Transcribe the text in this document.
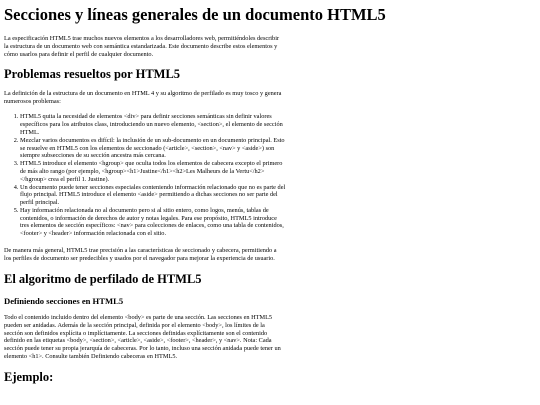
Secciones y líneas generales de un documento HTML5

La especificación HTML5 trae muchos nuevos elementos a los desarrolladores web, permitiéndoles describir la estructura de un documento web con semántica estandarizada. Este documento describe estos elementos y cómo usarlos para definir el perfil de cualquier documento.

Problemas resueltos por HTML5

La definición de la estructura de un documento en HTML 4 y su algoritmo de perfilado es muy tosco y genera numerosos problemas:

1. HTML5 quita la necesidad de elementos <div> para definir secciones semánticas sin definir valores específicos para los atributos class, introduciendo un nuevo elemento, <section>, el elemento de sección HTML.
2. Mezclar varios documentos es difícil: la inclusión de un sub-documento en un documento principal. Esto se resuelve en HTML5 con los elementos de seccionado (<article>, <section>, <nav> y <aside>) son siempre subsecciones de su sección ancestra más cercana.
3. HTML5 introduce el elemento <hgroup> que oculta todos los elementos de cabecera excepto el primero de más alto rango (por ejemplo, <hgroup><h1>Justine</h1><h2>Les Malheurs de la Vertu</h2></hgroup> crea el perfil 1. Justine).
4. Un documento puede tener secciones especiales conteniendo información relacionado que no es parte del flujo principal. HTML5 introduce el elemento <aside> permitiendo a dichas secciones no ser parte del perfil principal.
5. Hay información relacionada no al documento pero si al sitio entero, como logos, menús, tablas de contenidos, o información de derechos de autor y notas legales. Para ese propósito, HTML5 introduce tres elementos de sección específicos: <nav> para colecciones de enlaces, como una tabla de contenidos, <footer> y <header> información relacionada con el sitio.

De manera más general, HTML5 trae precisión a las características de seccionado y cabecera, permitiendo a los perfiles de documento ser predecibles y usados por el navegador para mejorar la experiencia de usuario.

El algoritmo de perfilado de HTML5
Definiendo secciones en HTML5

Todo el contenido incluido dentro del elemento <body> es parte de una sección. Las secciones en HTML5 pueden ser anidadas. Además de la sección principal, definida por el elemento <body>, los límites de la sección son definidos explícita o implícitamente. La secciones definidas explícitamente son el contenido definido en las etiquetas <body>, <section>, <article>, <aside>, <footer>, <header>, y <nav>. Nota: Cada sección puede tener su propia jerarquía de cabeceras. Por lo tanto, incluso una sección anidada puede tener un elemento <h1>. Consulte también Definiendo cabeceras en HTML5.

Ejemplo:
